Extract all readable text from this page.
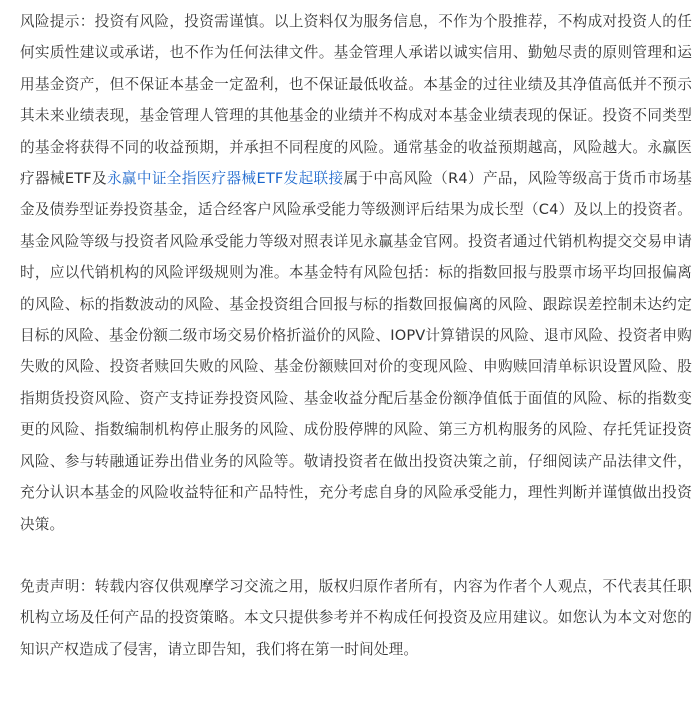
风险提示：投资有风险，投资需谨慎。以上资料仅为服务信息，不作为个股推荐，不构成对投资人的任何实质性建议或承诺，也不作为任何法律文件。基金管理人承诺以诚实信用、勤勉尽责的原则管理和运用基金资产，但不保证本基金一定盈利，也不保证最低收益。本基金的过往业绩及其净值高低并不预示其未来业绩表现，基金管理人管理的其他基金的业绩并不构成对本基金业绩表现的保证。投资不同类型的基金将获得不同的收益预期，并承担不同程度的风险。通常基金的收益预期越高，风险越大。永赢医疗器械ETF及永赢中证全指医疗器械ETF发起联接属于中高风险（R4）产品，风险等级高于货币市场基金及债券型证券投资基金，适合经客户风险承受能力等级测评后结果为成长型（C4）及以上的投资者。基金风险等级与投资者风险承受能力等级对照表详见永赢基金官网。投资者通过代销机构提交交易申请时，应以代销机构的风险评级规则为准。本基金特有风险包括：标的指数回报与股票市场平均回报偏离的风险、标的指数波动的风险、基金投资组合回报与标的指数回报偏离的风险、跟踪误差控制未达约定目标的风险、基金份额二级市场交易价格折溢价的风险、IOPV计算错误的风险、退市风险、投资者申购失败的风险、投资者赎回失败的风险、基金份额赎回对价的变现风险、申购赎回清单标识设置风险、股指期货投资风险、资产支持证券投资风险、基金收益分配后基金份额净值低于面值的风险、标的指数变更的风险、指数编制机构停止服务的风险、成份股停牌的风险、第三方机构服务的风险、存托凭证投资风险、参与转融通证券出借业务的风险等。敬请投资者在做出投资决策之前，仔细阅读产品法律文件，充分认识本基金的风险收益特征和产品特性，充分考虑自身的风险承受能力，理性判断并谨慎做出投资决策。

免责声明：转载内容仅供观摩学习交流之用，版权归原作者所有，内容为作者个人观点，不代表其任职机构立场及任何产品的投资策略。本文只提供参考并不构成任何投资及应用建议。如您认为本文对您的知识产权造成了侵害，请立即告知，我们将在第一时间处理。
